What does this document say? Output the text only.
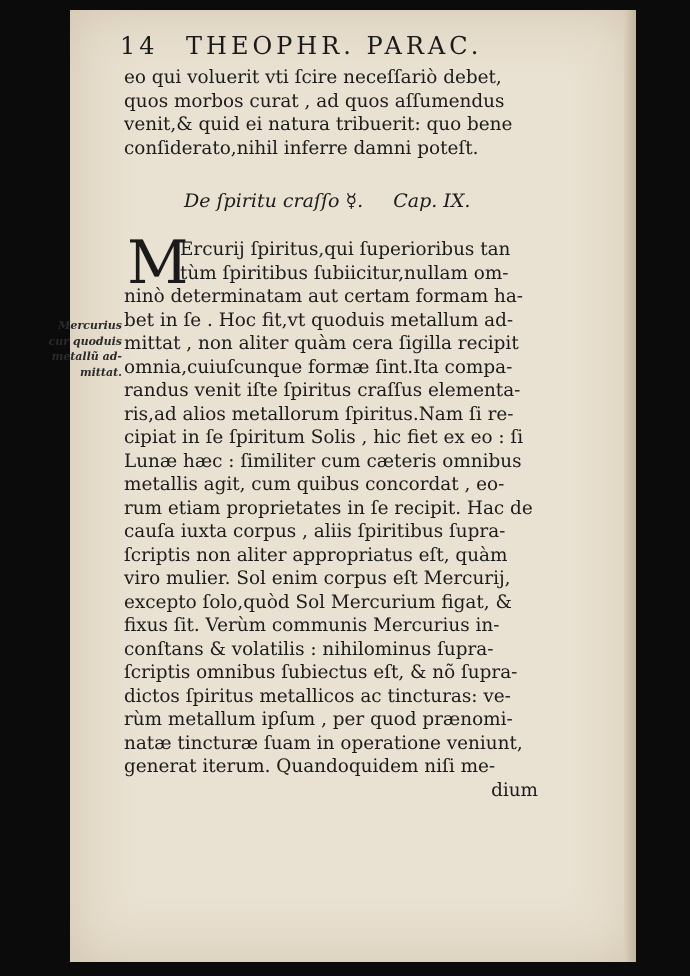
14 THEOPHR. PARAC.
eo qui voluerit vti ſcire neceſſariò debet,
quos morbos curat , ad quos aſſumendus
venit,& quid ei natura tribuerit: quo bene
conſiderato,nihil inferre damni poteſt.
De ſpiritu craſſo ☿. Cap. IX.
M
Ercurij ſpiritus,qui ſuperioribus tan
tùm ſpiritibus ſubiicitur,nullam om-
ninò determinatam aut certam formam ha-
bet in ſe . Hoc fit,vt quoduis metallum ad-
mittat , non aliter quàm cera ſigilla recipit
omnia,cuiuſcunque formæ ſint.Ita compa-
randus venit iſte ſpiritus craſſus elementa-
ris,ad alios metallorum ſpiritus.Nam ſi re-
cipiat in ſe ſpiritum Solis , hic fiet ex eo : ſi
Lunæ hæc : ſimiliter cum cæteris omnibus
metallis agit, cum quibus concordat , eo-
rum etiam proprietates in ſe recipit. Hac de
cauſa iuxta corpus , aliis ſpiritibus ſupra-
ſcriptis non aliter appropriatus eſt, quàm
viro mulier. Sol enim corpus eſt Mercurij,
excepto ſolo,quòd Sol Mercurium figat, &
fixus ſit. Verùm communis Mercurius in-
conſtans & volatilis : nihilominus ſupra-
ſcriptis omnibus ſubiectus eſt, & nõ ſupra-
dictos ſpiritus metallicos ac tincturas: ve-
rùm metallum ipſum , per quod prænomi-
natæ tincturæ ſuam in operatione veniunt,
generat iterum. Quandoquidem niſi me-
dium
Mercurius
cur quoduis
metallũ ad-
mittat.
